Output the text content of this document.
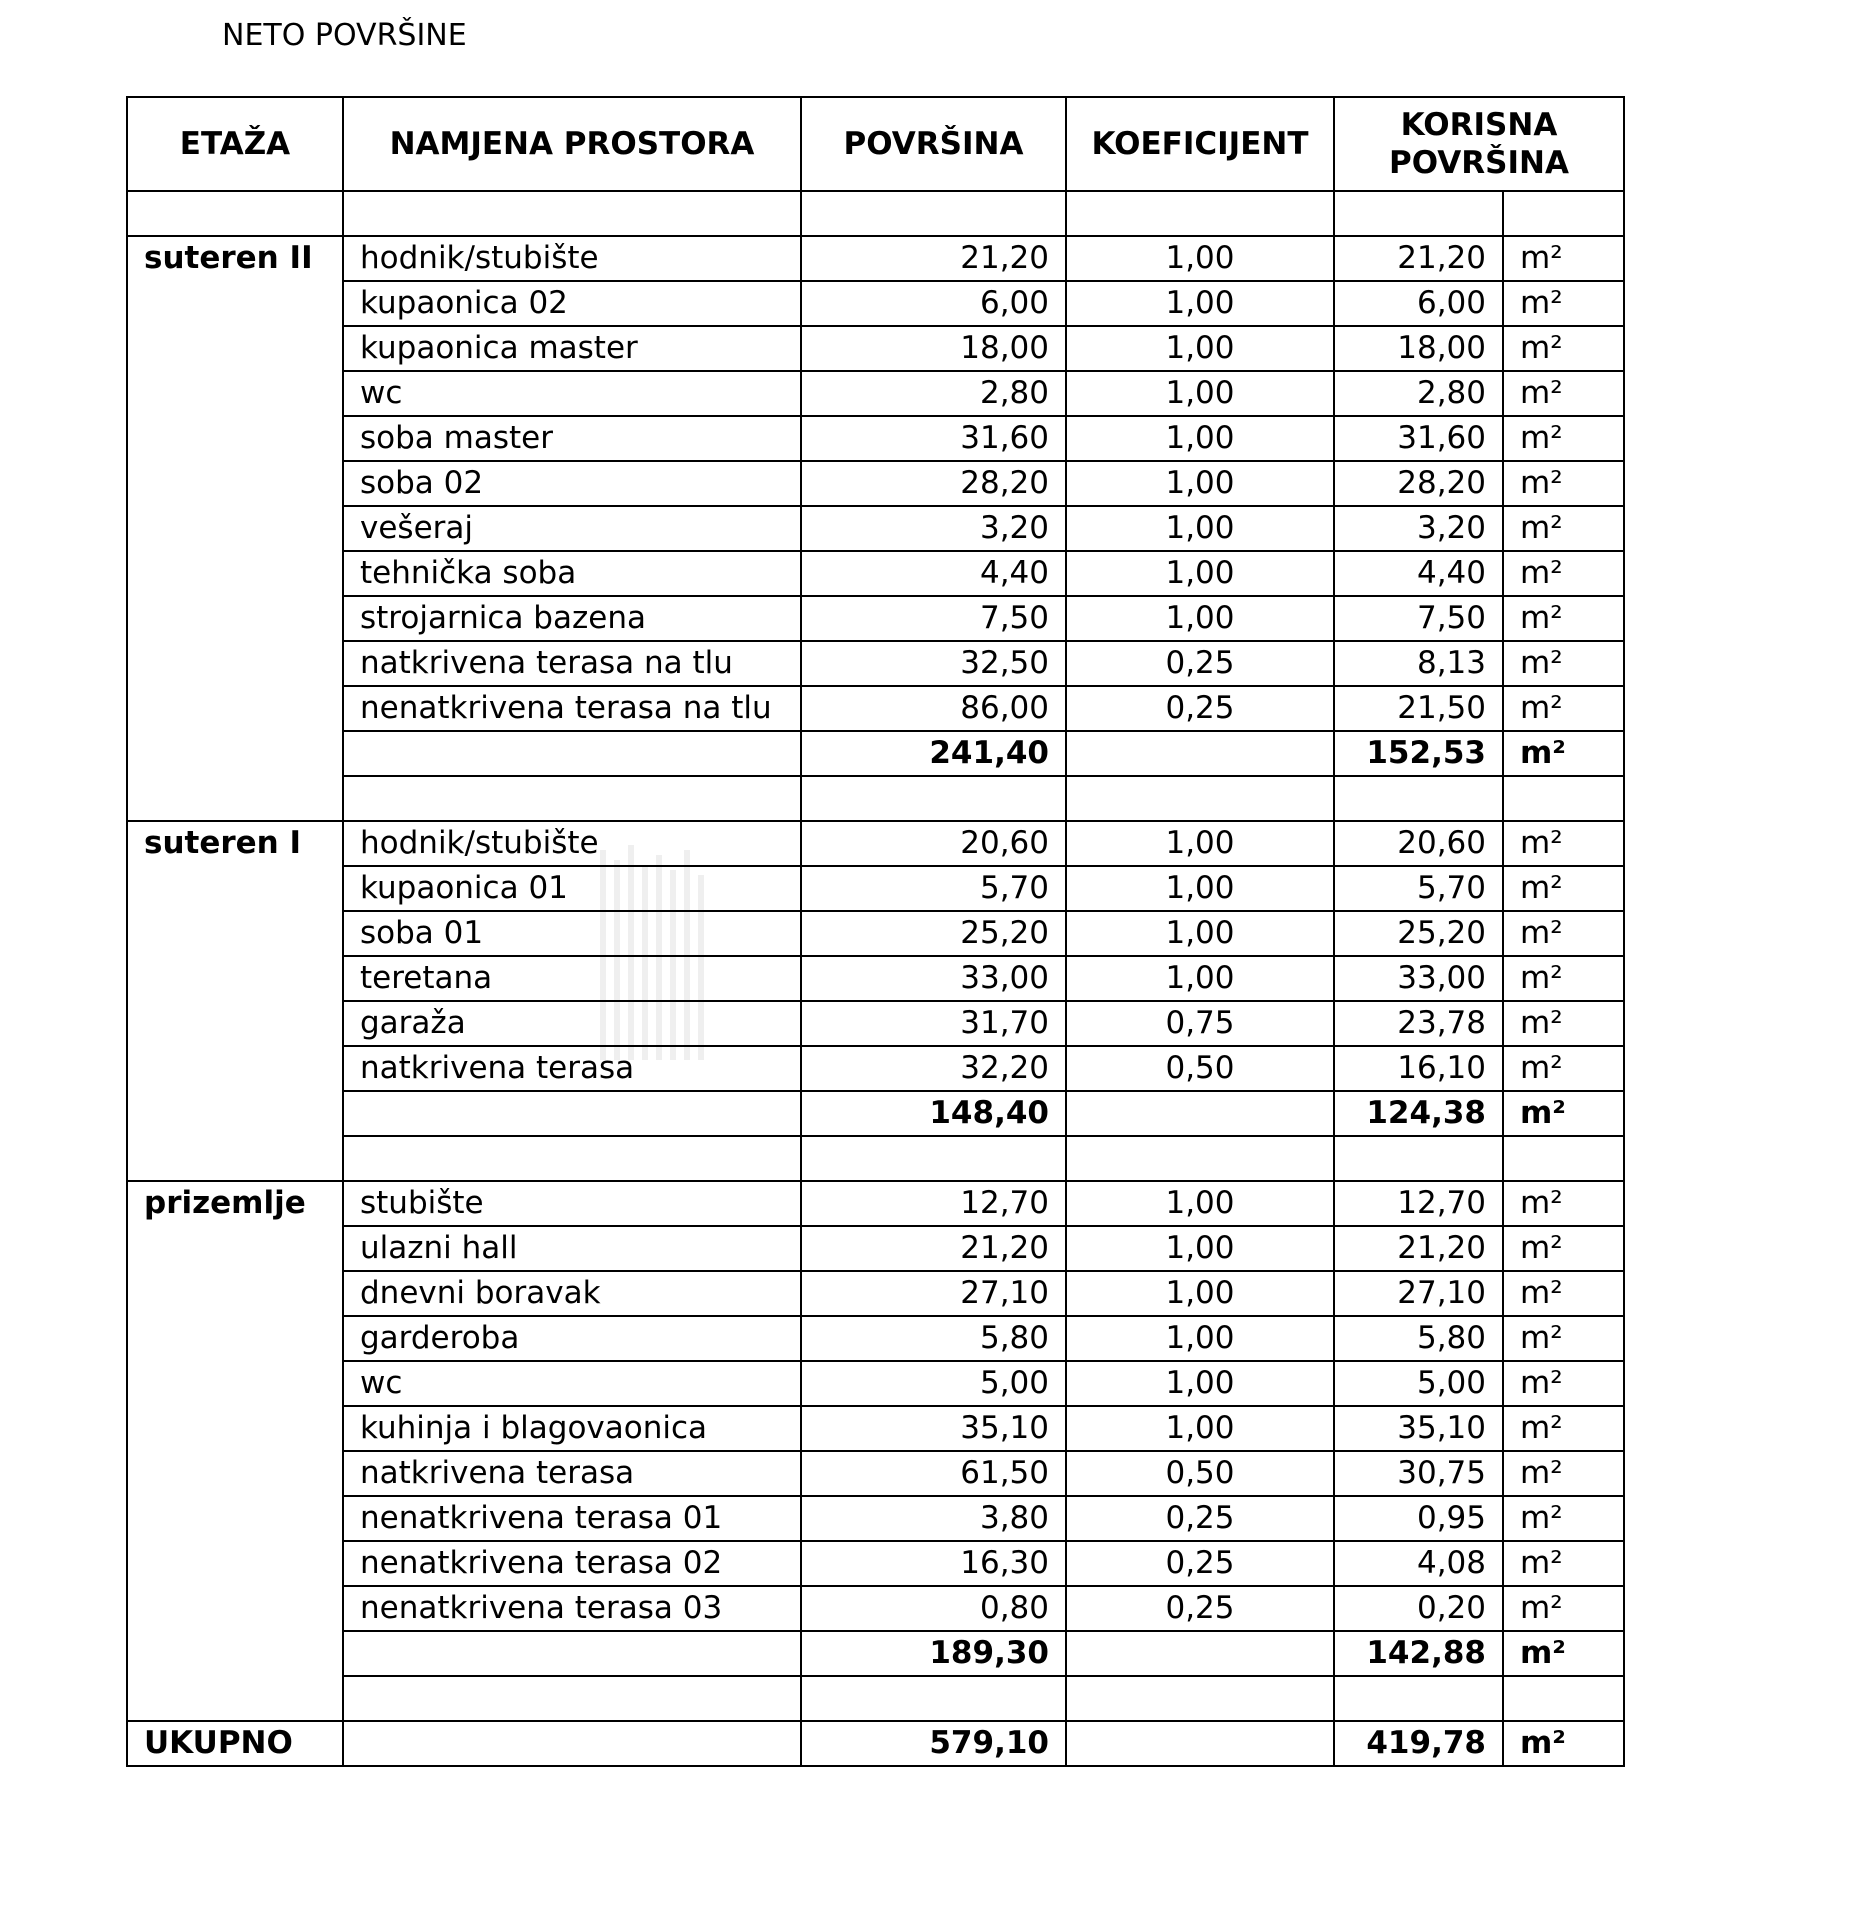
NETO POVRŠINE
ETAŽA	NAMJENA PROSTORA	POVRŠINA	KOEFICIJENT	KORISNA POVRŠINA	

suteren II	hodnik/stubište	21,20	1,00	21,20	m²
	kupaonica 02	6,00	1,00	6,00	m²
	kupaonica master	18,00	1,00	18,00	m²
	wc	2,80	1,00	2,80	m²
	soba master	31,60	1,00	31,60	m²
	soba 02	28,20	1,00	28,20	m²
	vešeraj	3,20	1,00	3,20	m²
	tehnička soba	4,40	1,00	4,40	m²
	strojarnica bazena	7,50	1,00	7,50	m²
	natkrivena terasa na tlu	32,50	0,25	8,13	m²
	nenatkrivena terasa na tlu	86,00	0,25	21,50	m²
		241,40		152,53	m²

suteren I	hodnik/stubište	20,60	1,00	20,60	m²
	kupaonica 01	5,70	1,00	5,70	m²
	soba 01	25,20	1,00	25,20	m²
	teretana	33,00	1,00	33,00	m²
	garaža	31,70	0,75	23,78	m²
	natkrivena terasa	32,20	0,50	16,10	m²
		148,40		124,38	m²

prizemlje	stubište	12,70	1,00	12,70	m²
	ulazni hall	21,20	1,00	21,20	m²
	dnevni boravak	27,10	1,00	27,10	m²
	garderoba	5,80	1,00	5,80	m²
	wc	5,00	1,00	5,00	m²
	kuhinja i blagovaonica	35,10	1,00	35,10	m²
	natkrivena terasa	61,50	0,50	30,75	m²
	nenatkrivena terasa 01	3,80	0,25	0,95	m²
	nenatkrivena terasa 02	16,30	0,25	4,08	m²
	nenatkrivena terasa 03	0,80	0,25	0,20	m²
		189,30		142,88	m²

UKUPNO		579,10		419,78	m²
